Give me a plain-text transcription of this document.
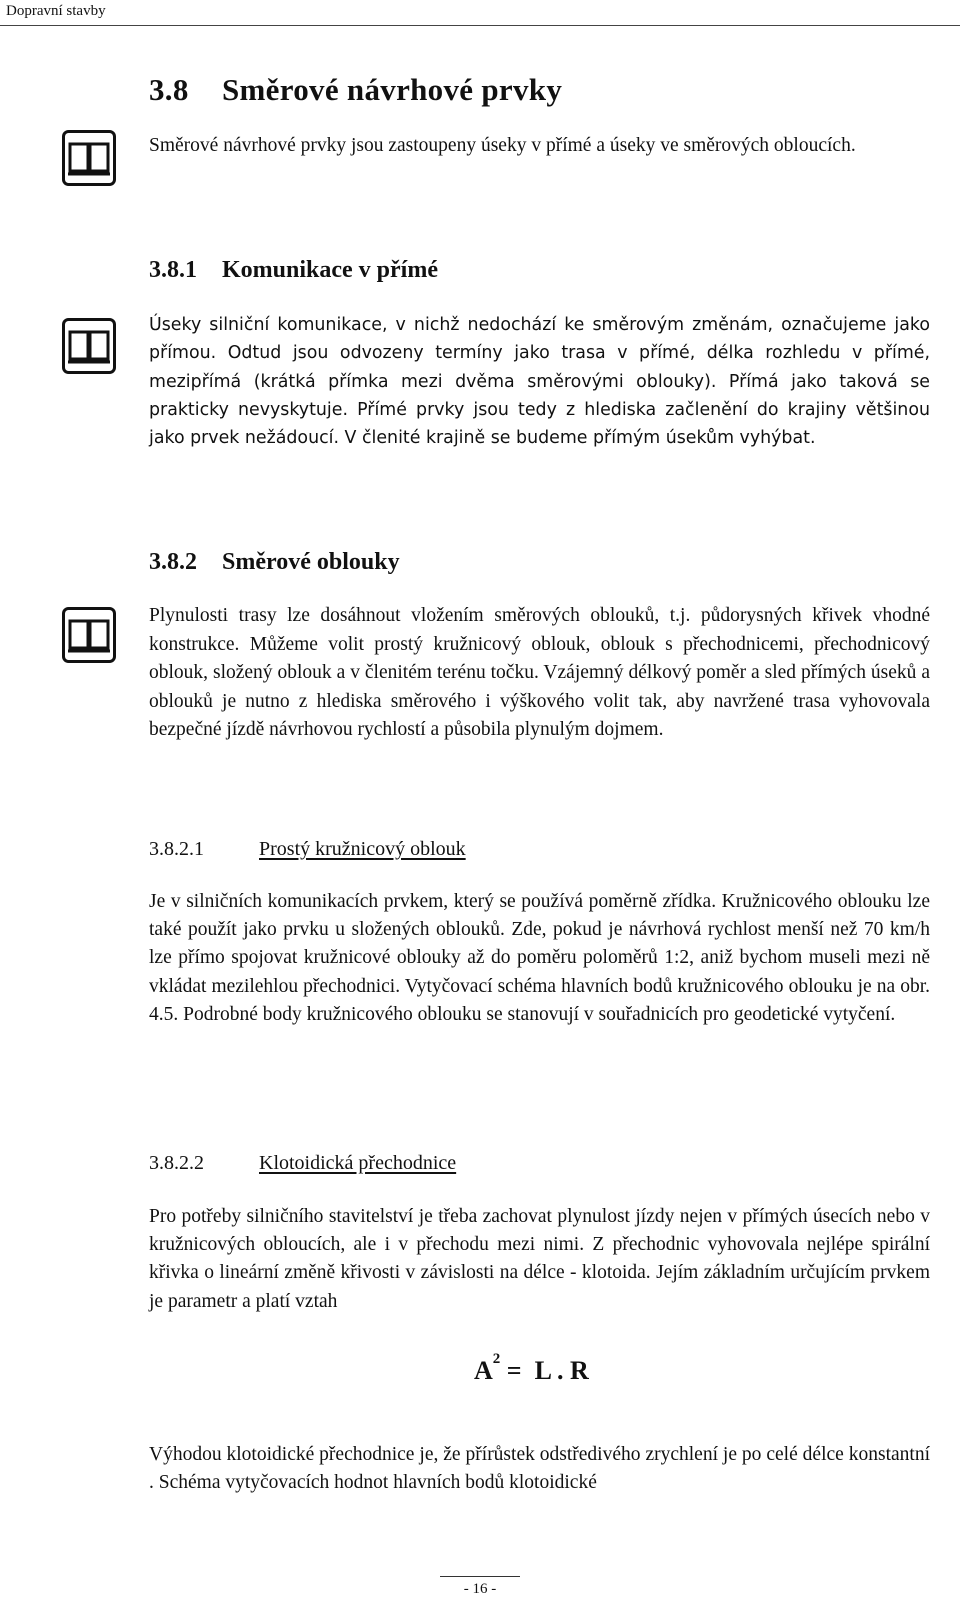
Dopravní stavby
3.8 Směrové návrhové prvky
Směrové návrhové prvky jsou zastoupeny úseky v přímé a úseky ve směrových obloucích.
3.8.1 Komunikace v přímé
Úseky silniční komunikace, v nichž nedochází ke směrovým změnám, označujeme jako přímou. Odtud jsou odvozeny termíny jako trasa v přímé, délka rozhledu v přímé, mezipřímá (krátká přímka mezi dvěma směrovými oblouky). Přímá jako taková se prakticky nevyskytuje. Přímé prvky jsou tedy z hlediska začlenění do krajiny většinou jako prvek nežádoucí. V členité krajině se budeme přímým úsekům vyhýbat.
3.8.2 Směrové oblouky
Plynulosti trasy lze dosáhnout vložením směrových oblouků, t.j. půdorysných křivek vhodné konstrukce. Můžeme volit prostý kružnicový oblouk, oblouk s přechodnicemi, přechodnicový oblouk, složený oblouk a v členitém terénu točku. Vzájemný délkový poměr a sled přímých úseků a oblouků je nutno z hlediska směrového i výškového volit tak, aby navržené trasa vyhovovala bezpečné jízdě návrhovou rychlostí a působila plynulým dojmem.
3.8.2.1	Prostý kružnicový oblouk
Je v silničních komunikacích prvkem, který se používá poměrně zřídka. Kružnicového oblouku lze také použít jako prvku u složených oblouků. Zde, pokud je návrhová rychlost menší než 70 km/h lze přímo spojovat kružnicové oblouky až do poměru poloměrů 1:2, aniž bychom museli mezi ně vkládat mezilehlou přechodnici. Vytyčovací schéma hlavních bodů kružnicového oblouku je na obr. 4.5. Podrobné body kružnicového oblouku se stanovují v souřadnicích pro geodetické vytyčení.
3.8.2.2	Klotoidická přechodnice
Pro potřeby silničního stavitelství je třeba zachovat plynulost jízdy nejen v přímých úsecích nebo v kružnicových obloucích, ale i v přechodu mezi nimi. Z přechodnic vyhovovala nejlépe spirální křivka o lineární změně křivosti v závislosti na délce - klotoida. Jejím základním určujícím prvkem je parametr a platí vztah
$A^2 = L$ . R
Výhodou klotoidické přechodnice je, že přírůstek odstředivého zrychlení je po celé délce konstantní . Schéma vytyčovacích hodnot hlavních bodů klotoidické
- 16 -
